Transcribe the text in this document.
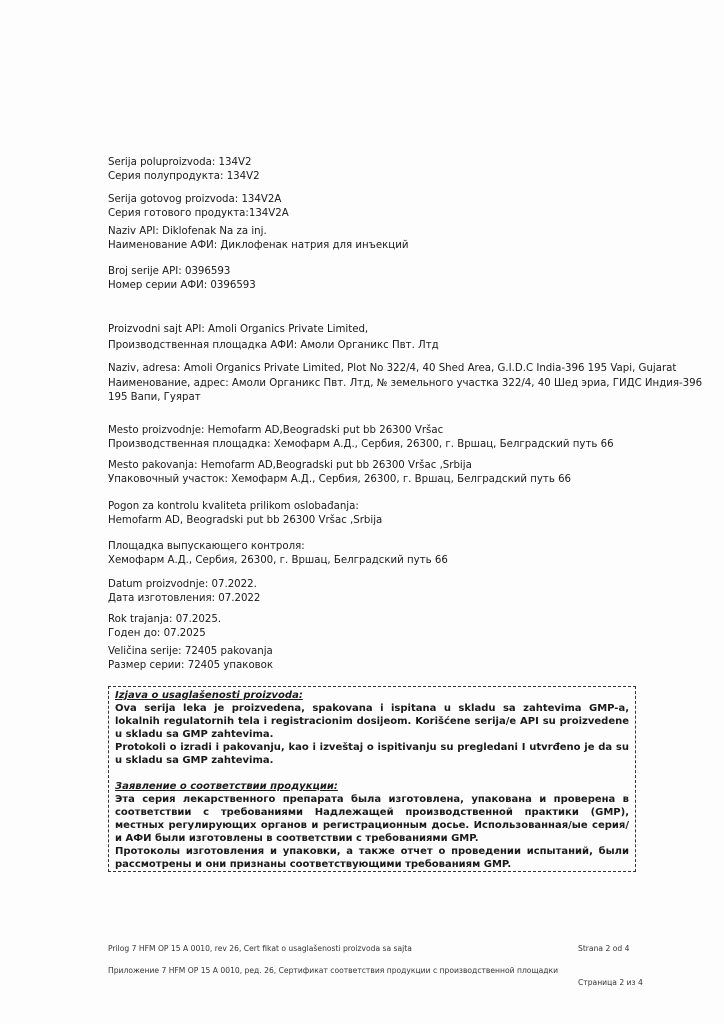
Serija poluproizvoda: 134V2
Серия полупродукта: 134V2
Serija gotovog proizvoda: 134V2A
Серия готового продукта:134V2A
Naziv API: Diklofenak Na za inj.
Наименование АФИ: Диклофенак натрия для инъекций
Broj serije API: 0396593
Номер серии АФИ: 0396593
Proizvodni sajt API: Amoli Organics Private Limited,
Производственная площадка АФИ: Амоли Органикс Пвт. Лтд
Naziv, adresa: Amoli Organics Private Limited, Plot No 322/4, 40 Shed Area, G.I.D.C India-396 195 Vapi, Gujarat
Наименование, адрес: Амоли Органикс Пвт. Лтд, № земельного участка 322/4, 40 Шед эриа, ГИДС Индия-396
195 Вапи, Гуярат
Mesto proizvodnje: Hemofarm AD,Beogradski put bb 26300 Vršac
Производственная площадка: Хемофарм А.Д., Сербия, 26300, г. Вршац, Белградский путь 66
Mesto pakovanja: Hemofarm AD,Beogradski put bb 26300 Vršac ,Srbija
Упаковочный участок: Хемофарм А.Д., Сербия, 26300, г. Вршац, Белградский путь 66
Pogon za kontrolu kvaliteta prilikom oslobađanja:
Hemofarm AD, Beogradski put bb 26300 Vršac ,Srbija
Площадка выпускающего контроля:
Хемофарм А.Д., Сербия, 26300, г. Вршац, Белградский путь 66
Datum proizvodnje: 07.2022.
Дата изготовления: 07.2022
Rok trajanja: 07.2025.
Годен до: 07.2025
Veličina serije: 72405 pakovanja
Размер серии: 72405 упаковок
Izjava o usaglašenosti proizvoda:
Ova serija leka je proizvedena, spakovana i ispitana u skladu sa zahtevima GMP-a, lokalnih regulatornih tela i registracionim dosijeom. Korišćene serija/e API su proizvedene u skladu sa GMP zahtevima.
Protokoli o izradi i pakovanju, kao i izveštaj o ispitivanju su pregledani I utvrđeno je da su u skladu sa GMP zahtevima.
Заявление о соответствии продукции:
Эта серия лекарственного препарата была изготовлена, упакована и проверена в соответствии с требованиями Надлежащей производственной практики (GMP), местных регулирующих органов и регистрационным досье. Использованная/ые серия/и АФИ были изготовлены в соответствии с требованиями GMP.
Протоколы изготовления и упаковки, а также отчет о проведении испытаний, были рассмотрены и они признаны соответствующими требованиям GMP.
Prilog 7 HFM OP 15 A 0010, rev 26, Cert fikat o usaglašenosti proizvoda sa sajta	Strana 2 od 4
Приложение 7 HFM OP 15 A 0010, ред. 26, Сертификат соответствия продукции с производственной площадки
Страница 2 из 4
